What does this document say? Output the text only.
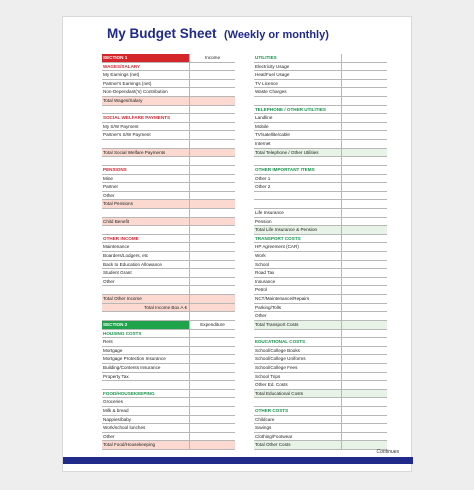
My Budget Sheet (Weekly or monthly)
SECTION 1	Income
WAGES/SALARY
My Earnings (net)
Partner's Earnings (net)
Non-Dependant('s) Contribution
Total Wages/Salary
SOCIAL WELFARE PAYMENTS
My S/W Payment
Partner's S/W Payment
Total Social Welfare Payments
PENSIONS
Mine
Partner
Other
Total Pensions
Child Benefit
OTHER INCOME
Maintenance
Boarders/Lodgers, etc
Back to Education Allowance
Student Grant
Other
Total Other Income
Total Income Box A €
SECTION 2	Expenditure
HOUSING COSTS
Rent
Mortgage
Mortgage Protection Insurance
Building/Contents Insurance
Property Tax
FOOD/HOUSEKEEPING
Groceries
Milk & bread
Nappies/baby
Work/school lunches
Other
Total Food/Housekeeping
UTILITIES
Electricity Usage
Heat/Fuel Usage
TV Licence
Waste Charges
TELEPHONE / OTHER UTILITIES
Landline
Mobile
TV/satellite/cable
Internet
Total Telephone / Other Utilities
OTHER IMPORTANT ITEMS
Other 1
Other 2
Life Insurance
Pension
Total Life Insurance & Pension
TRANSPORT COSTS
HP Agreement (CAR)
Work
School
Road Tax
Insurance
Petrol
NCT/Maintenance/Repairs
Parking/Tolls
Other
Total Transport Costs
EDUCATIONAL COSTS
School/College Books
School/College Uniforms
School/College Fees
School Trips
Other Ed. Costs
Total Educational Costs
OTHER COSTS
Childcare
Savings
Clothing/Footwear
Total Other Costs
Continues
